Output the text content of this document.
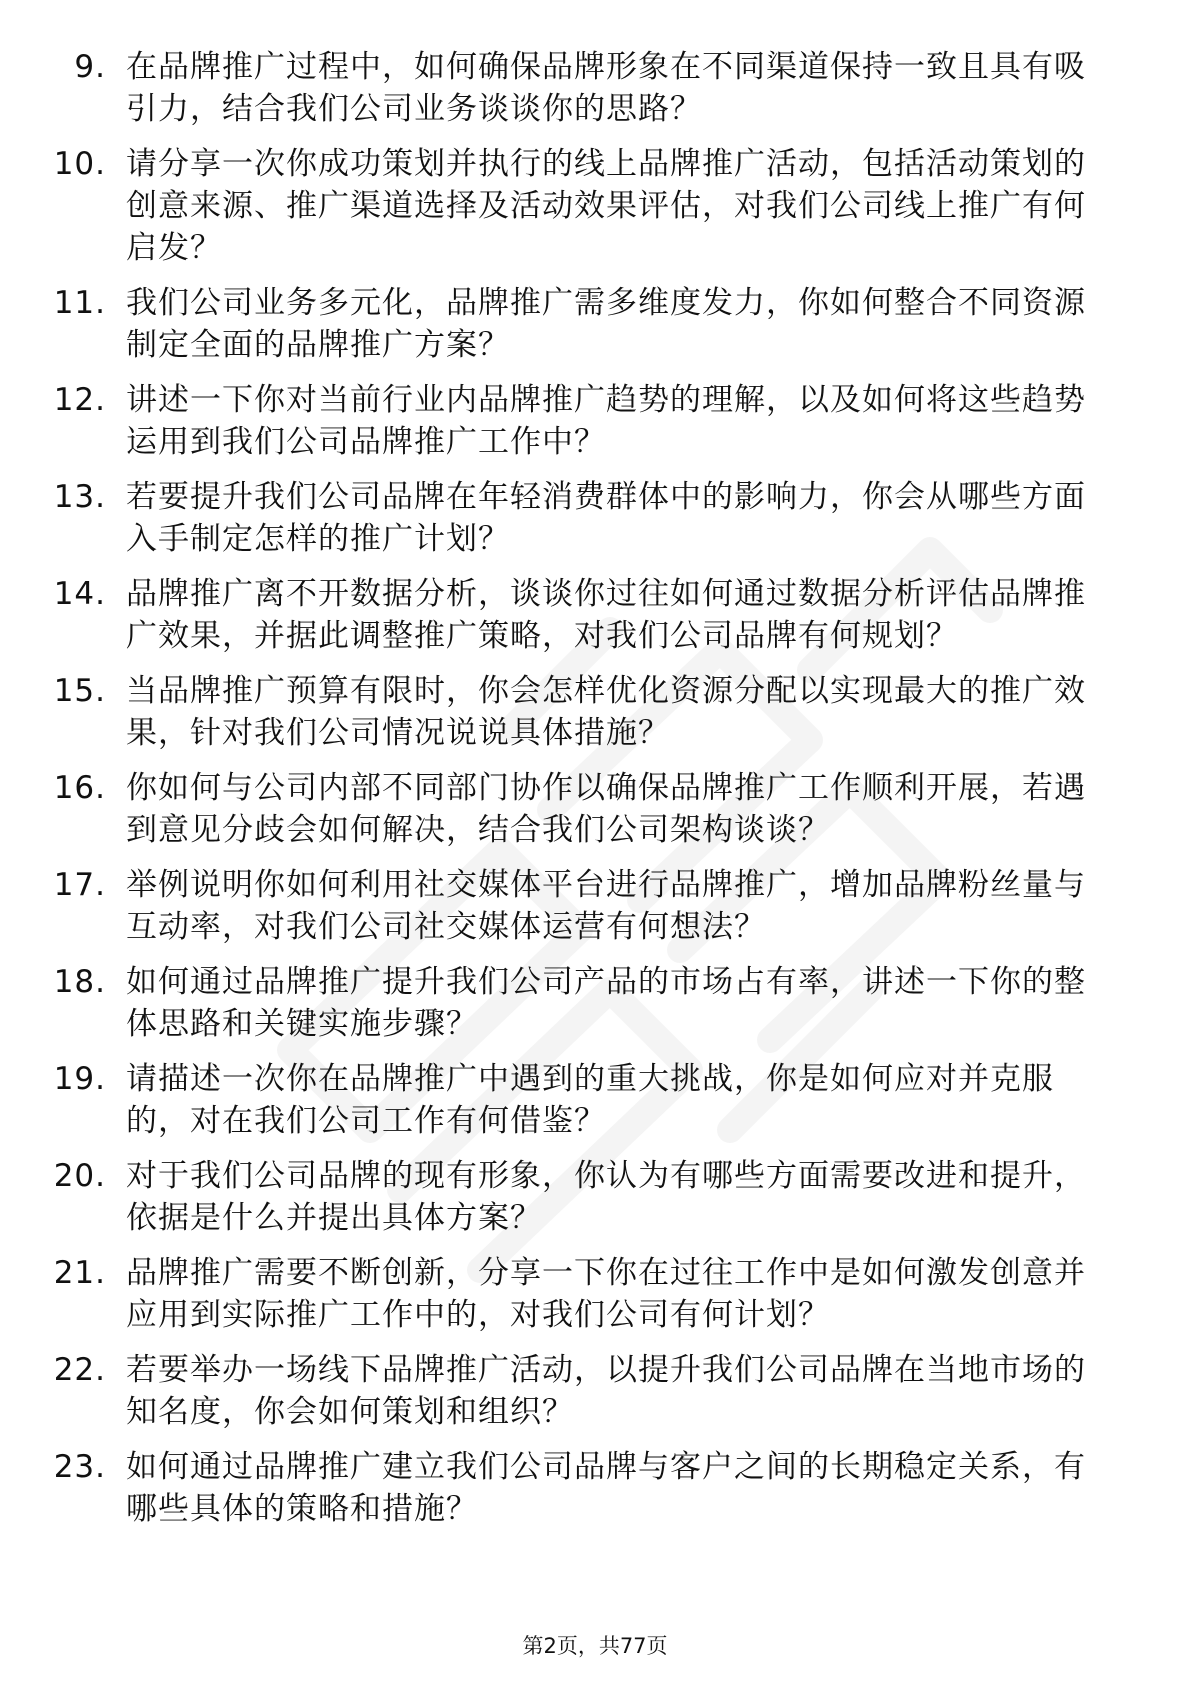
9. 在品牌推广过程中，如何确保品牌形象在不同渠道保持一致且具有吸引力，结合我们公司业务谈谈你的思路？
10. 请分享一次你成功策划并执行的线上品牌推广活动，包括活动策划的创意来源、推广渠道选择及活动效果评估，对我们公司线上推广有何启发？
11. 我们公司业务多元化，品牌推广需多维度发力，你如何整合不同资源制定全面的品牌推广方案？
12. 讲述一下你对当前行业内品牌推广趋势的理解，以及如何将这些趋势运用到我们公司品牌推广工作中？
13. 若要提升我们公司品牌在年轻消费群体中的影响力，你会从哪些方面入手制定怎样的推广计划？
14. 品牌推广离不开数据分析，谈谈你过往如何通过数据分析评估品牌推广效果，并据此调整推广策略，对我们公司品牌有何规划？
15. 当品牌推广预算有限时，你会怎样优化资源分配以实现最大的推广效果，针对我们公司情况说说具体措施？
16. 你如何与公司内部不同部门协作以确保品牌推广工作顺利开展，若遇到意见分歧会如何解决，结合我们公司架构谈谈？
17. 举例说明你如何利用社交媒体平台进行品牌推广，增加品牌粉丝量与互动率，对我们公司社交媒体运营有何想法？
18. 如何通过品牌推广提升我们公司产品的市场占有率，讲述一下你的整体思路和关键实施步骤？
19. 请描述一次你在品牌推广中遇到的重大挑战，你是如何应对并克服的，对在我们公司工作有何借鉴？
20. 对于我们公司品牌的现有形象，你认为有哪些方面需要改进和提升，依据是什么并提出具体方案？
21. 品牌推广需要不断创新，分享一下你在过往工作中是如何激发创意并应用到实际推广工作中的，对我们公司有何计划？
22. 若要举办一场线下品牌推广活动，以提升我们公司品牌在当地市场的知名度，你会如何策划和组织？
23. 如何通过品牌推广建立我们公司品牌与客户之间的长期稳定关系，有哪些具体的策略和措施？
第2页，共77页
